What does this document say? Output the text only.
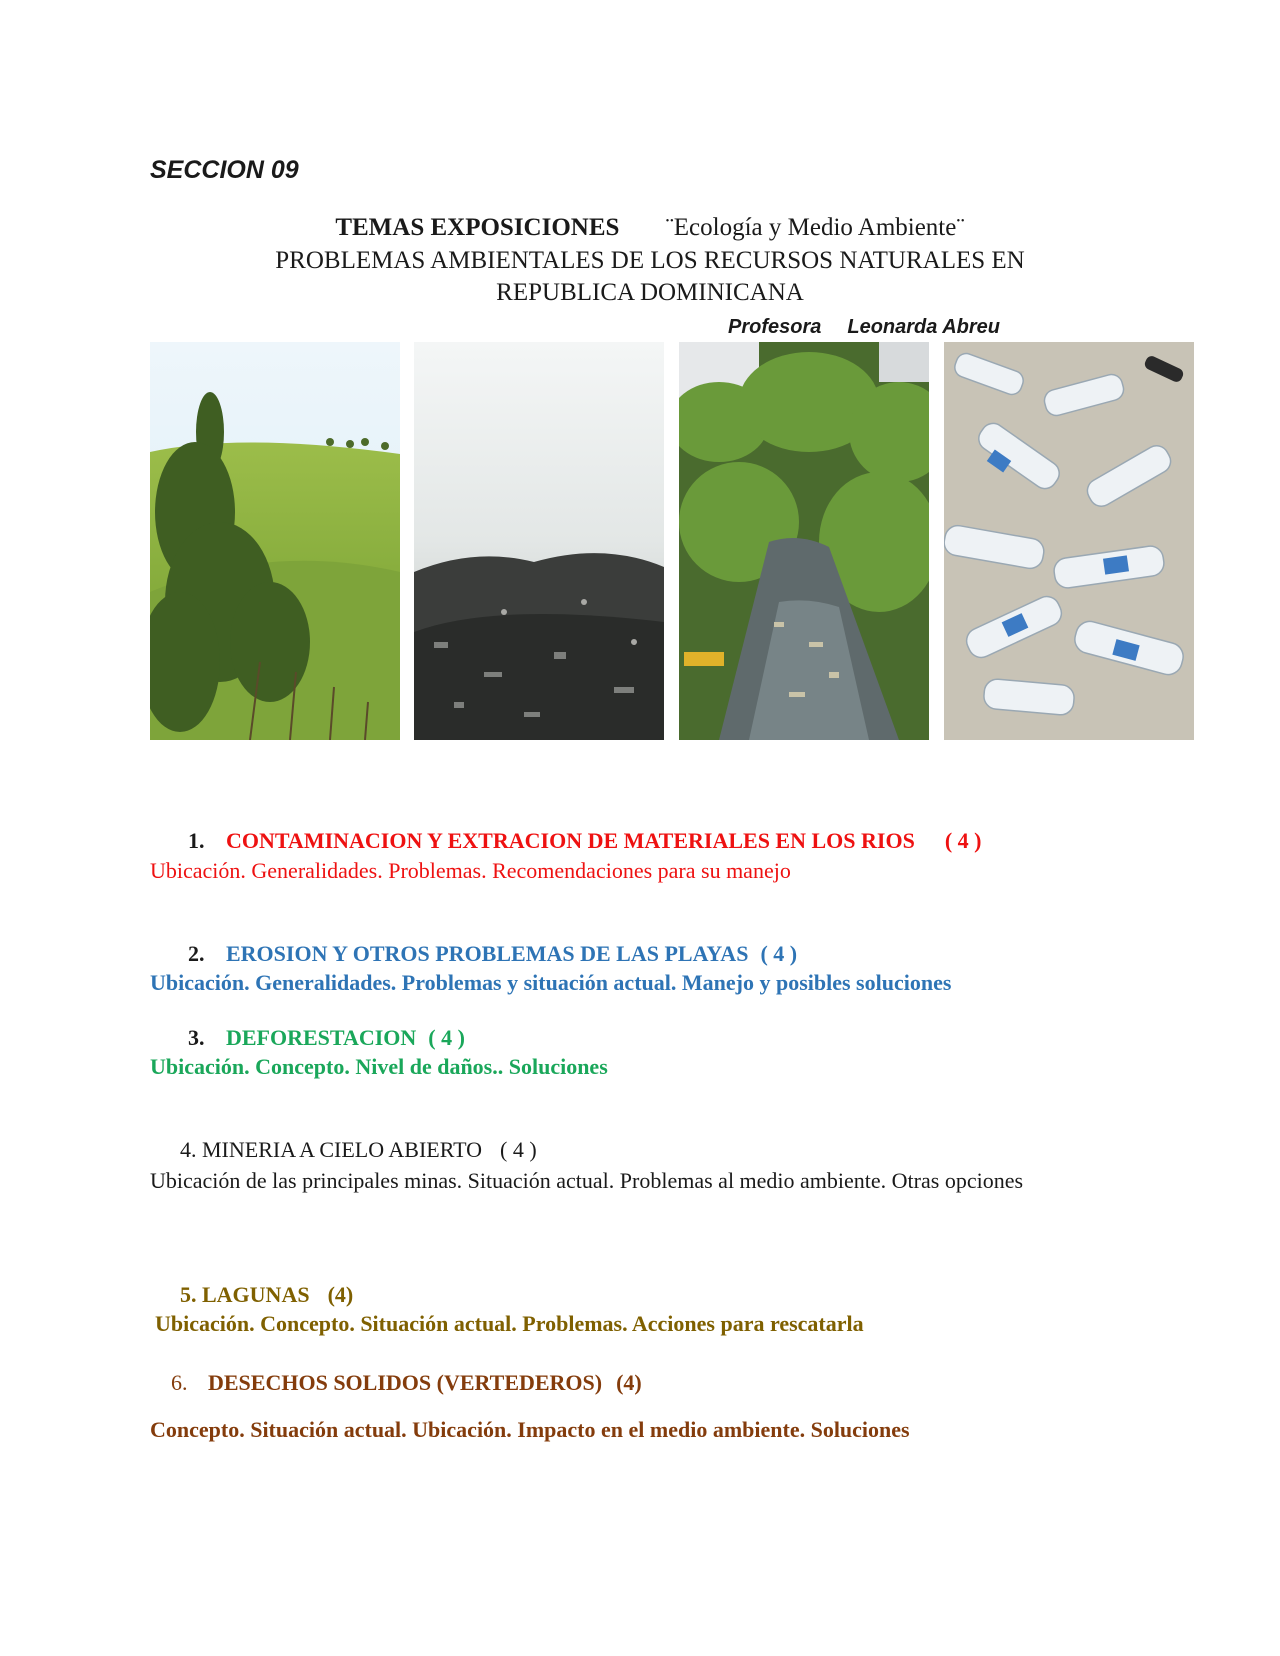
SECCION 09
TEMAS EXPOSICIONES ¨Ecología y Medio Ambiente¨
PROBLEMAS AMBIENTALES DE LOS RECURSOS NATURALES EN
REPUBLICA DOMINICANA
Profesora Leonarda Abreu
1. CONTAMINACION Y EXTRACION DE MATERIALES EN LOS RIOS ( 4 )
Ubicación. Generalidades. Problemas. Recomendaciones para su manejo
2. EROSION Y OTROS PROBLEMAS DE LAS PLAYAS ( 4 )
Ubicación. Generalidades. Problemas y situación actual. Manejo y posibles soluciones
3. DEFORESTACION ( 4 )
Ubicación. Concepto. Nivel de daños.. Soluciones
4. MINERIA A CIELO ABIERTO ( 4 )
Ubicación de las principales minas. Situación actual. Problemas al medio ambiente. Otras opciones
5. LAGUNAS (4)
Ubicación. Concepto. Situación actual. Problemas. Acciones para rescatarla
6. DESECHOS SOLIDOS (VERTEDEROS) (4)
Concepto. Situación actual. Ubicación. Impacto en el medio ambiente. Soluciones
